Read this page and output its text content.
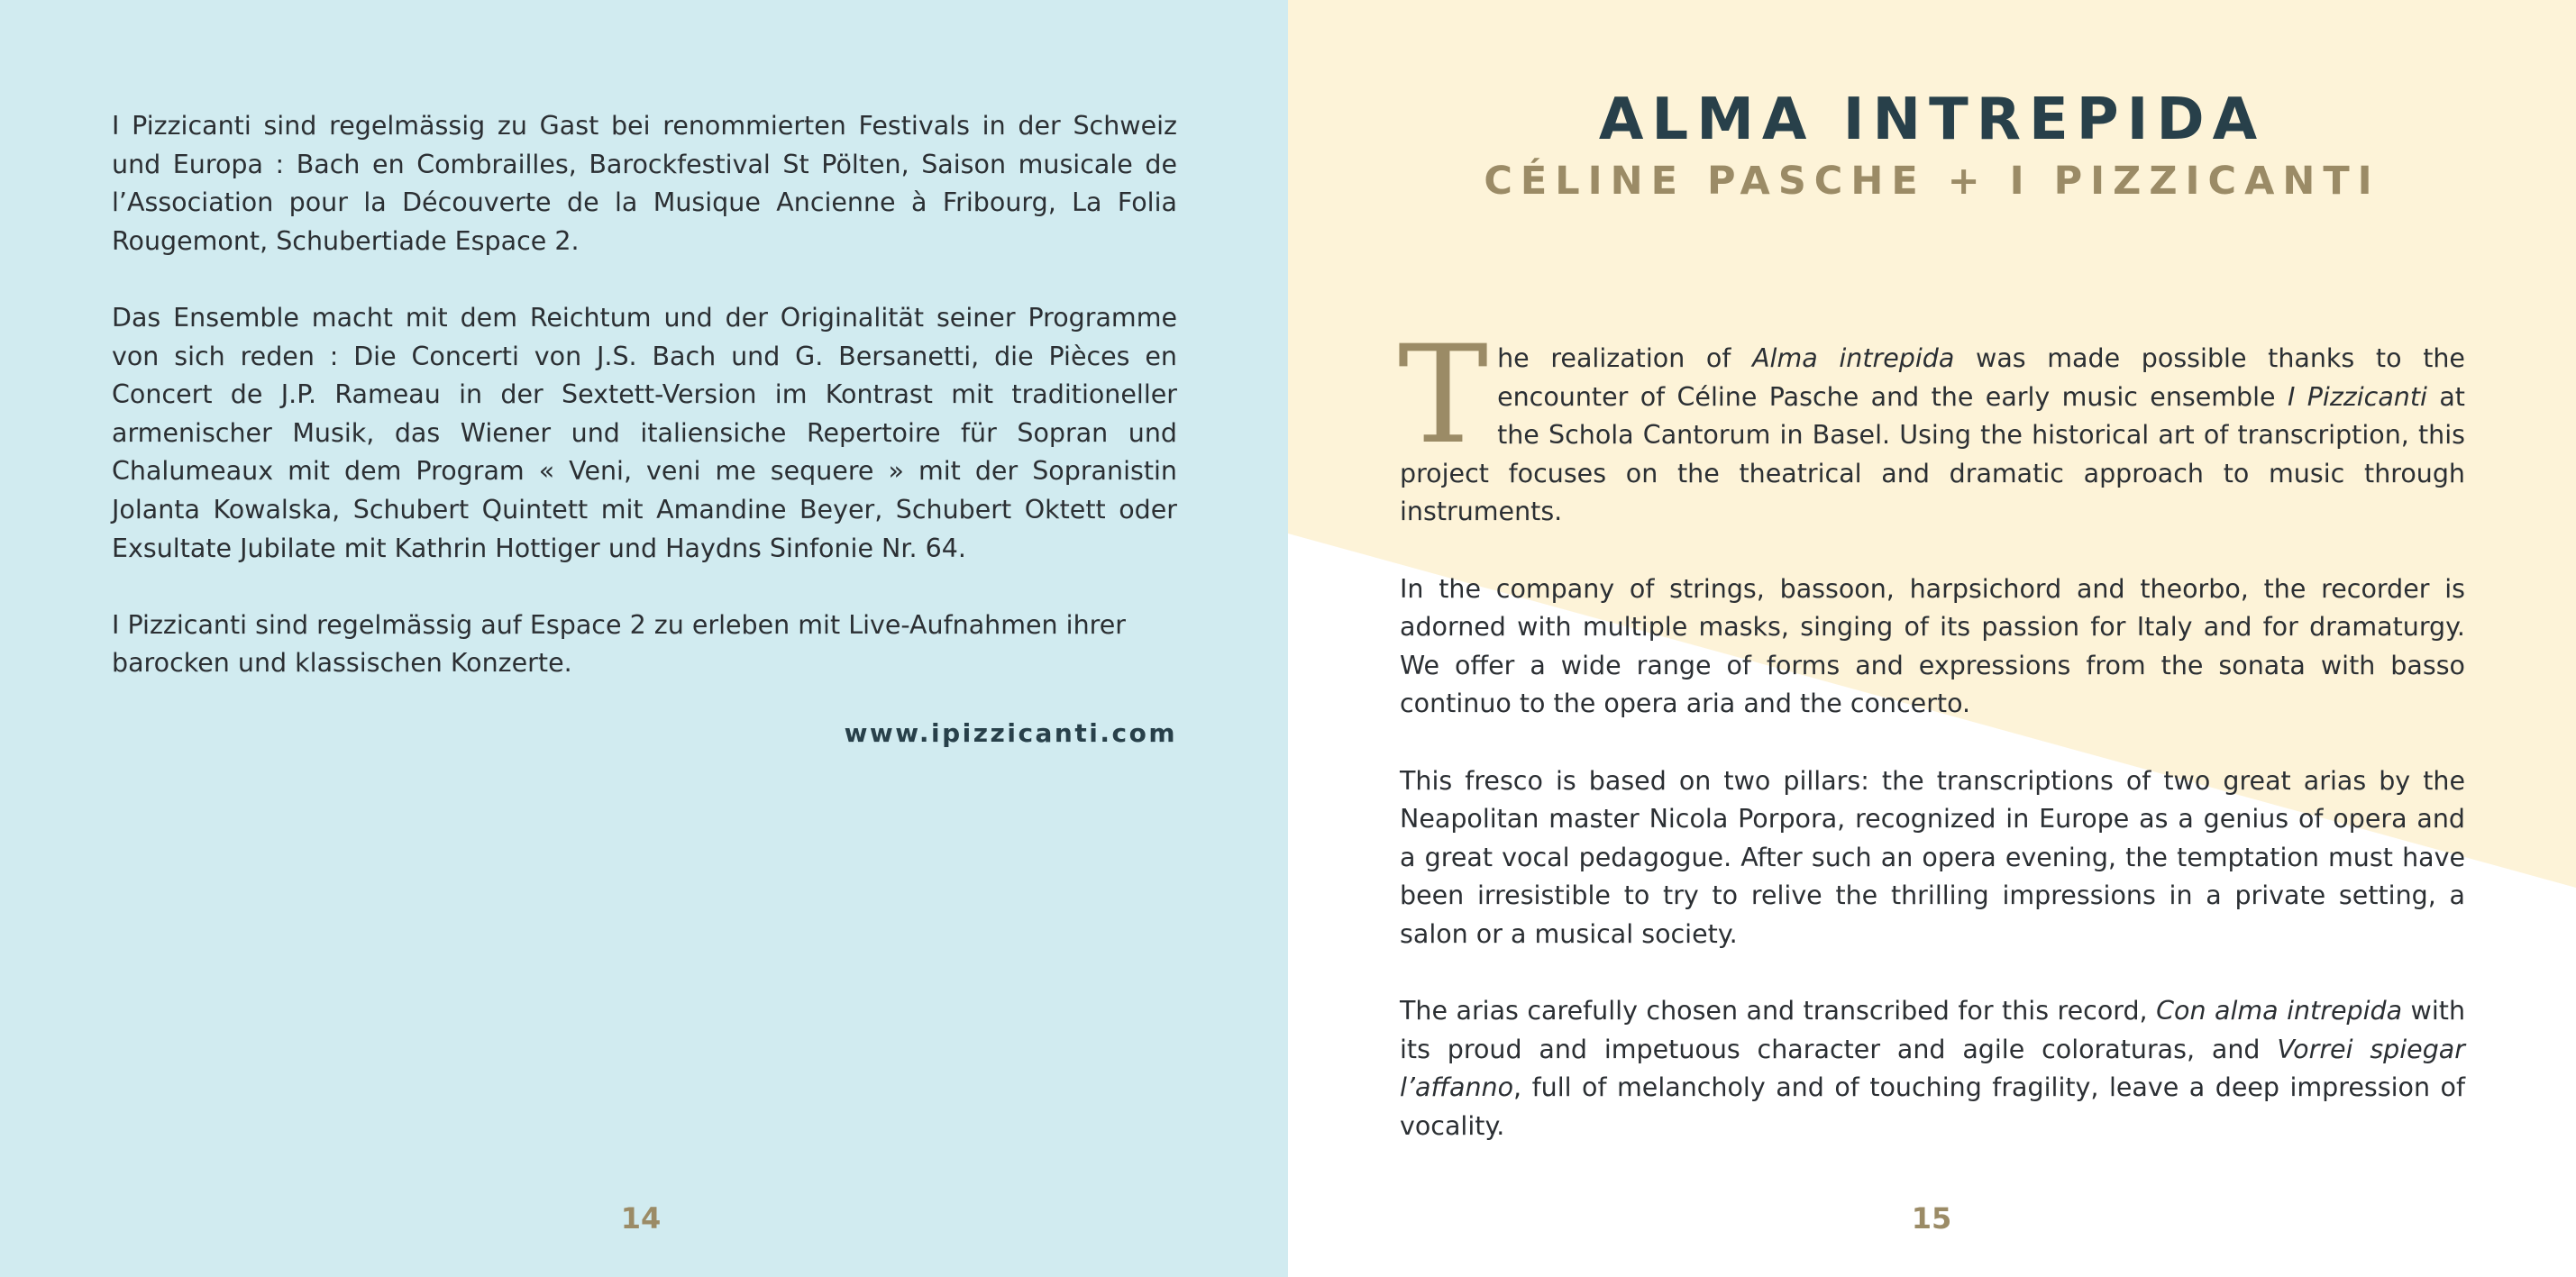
I Pizzicanti sind regelmässig zu Gast bei renommierten Festivals in der Schweiz und Europa : Bach en Combrailles, Barockfestival St Pölten, Saison musicale de l’Association pour la Découverte de la Musique Ancienne à Fribourg, La Folia Rougemont, Schubertiade Espace 2.

Das Ensemble macht mit dem Reichtum und der Originalität seiner Programme von sich reden : Die Concerti von J.S. Bach und G. Bersanetti, die Pièces en Concert de J.P. Rameau in der Sextett-Version im Kontrast mit traditioneller armenischer Musik, das Wiener und italiensiche Repertoire für Sopran und Chalumeaux mit dem Program « Veni, veni me sequere » mit der Sopranistin Jolanta Kowalska, Schubert Quintett mit Amandine Beyer, Schubert Oktett oder Exsultate Jubilate mit Kathrin Hottiger und Haydns Sinfonie Nr. 64.

I Pizzicanti sind regelmässig auf Espace 2 zu erleben mit Live-Aufnahmen ihrer barocken und klassischen Konzerte.

www.ipizzicanti.com
14
ALMA INTREPIDA
CÉLINE PASCHE + I PIZZICANTI

The realization of Alma intrepida was made possible thanks to the encounter of Céline Pasche and the early music ensemble I Pizzicanti at the Schola Cantorum in Basel. Using the historical art of transcription, this project focuses on the theatrical and dramatic approach to music through instruments.

In the company of strings, bassoon, harpsichord and theorbo, the recorder is adorned with multiple masks, singing of its passion for Italy and for dramaturgy. We offer a wide range of forms and expressions from the sonata with basso continuo to the opera aria and the concerto.

This fresco is based on two pillars: the transcriptions of two great arias by the Neapolitan master Nicola Porpora, recognized in Europe as a genius of opera and a great vocal pedagogue. After such an opera evening, the temptation must have been irresistible to try to relive the thrilling impressions in a private setting, a salon or a musical society.

The arias carefully chosen and transcribed for this record, Con alma intrepida with its proud and impetuous character and agile coloraturas, and Vorrei spiegar l’affanno, full of melancholy and of touching fragility, leave a deep impression of vocality.

15
